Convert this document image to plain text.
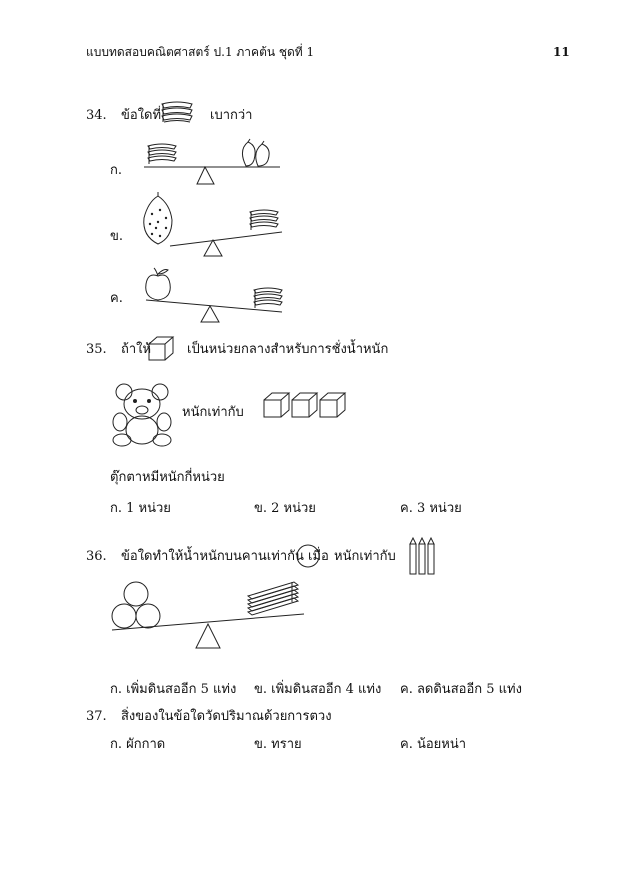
แบบทดสอบคณิตศาสตร์ ป.1 ภาคต้น ชุดที่ 1	11
34. ข้อใดที่	เบากว่า
ก.
ข.
ค.
35. ถ้าให้	เป็นหน่วยกลางสำหรับการชั่งน้ำหนัก
หนักเท่ากับ
ตุ๊กตาหมีหนักกี่หน่วย
ก. 1 หน่วย	ข. 2 หน่วย	ค. 3 หน่วย
36. ข้อใดทำให้น้ำหนักบนคานเท่ากัน เมื่อ หนักเท่ากับ
ก. เพิ่มดินสออีก 5 แท่ง ข. เพิ่มดินสออีก 4 แท่ง ค. ลดดินสออีก 5 แท่ง
37. สิ่งของในข้อใดวัดปริมาณด้วยการตวง
ก. ผักกาด	ข. ทราย	ค. น้อยหน่า
